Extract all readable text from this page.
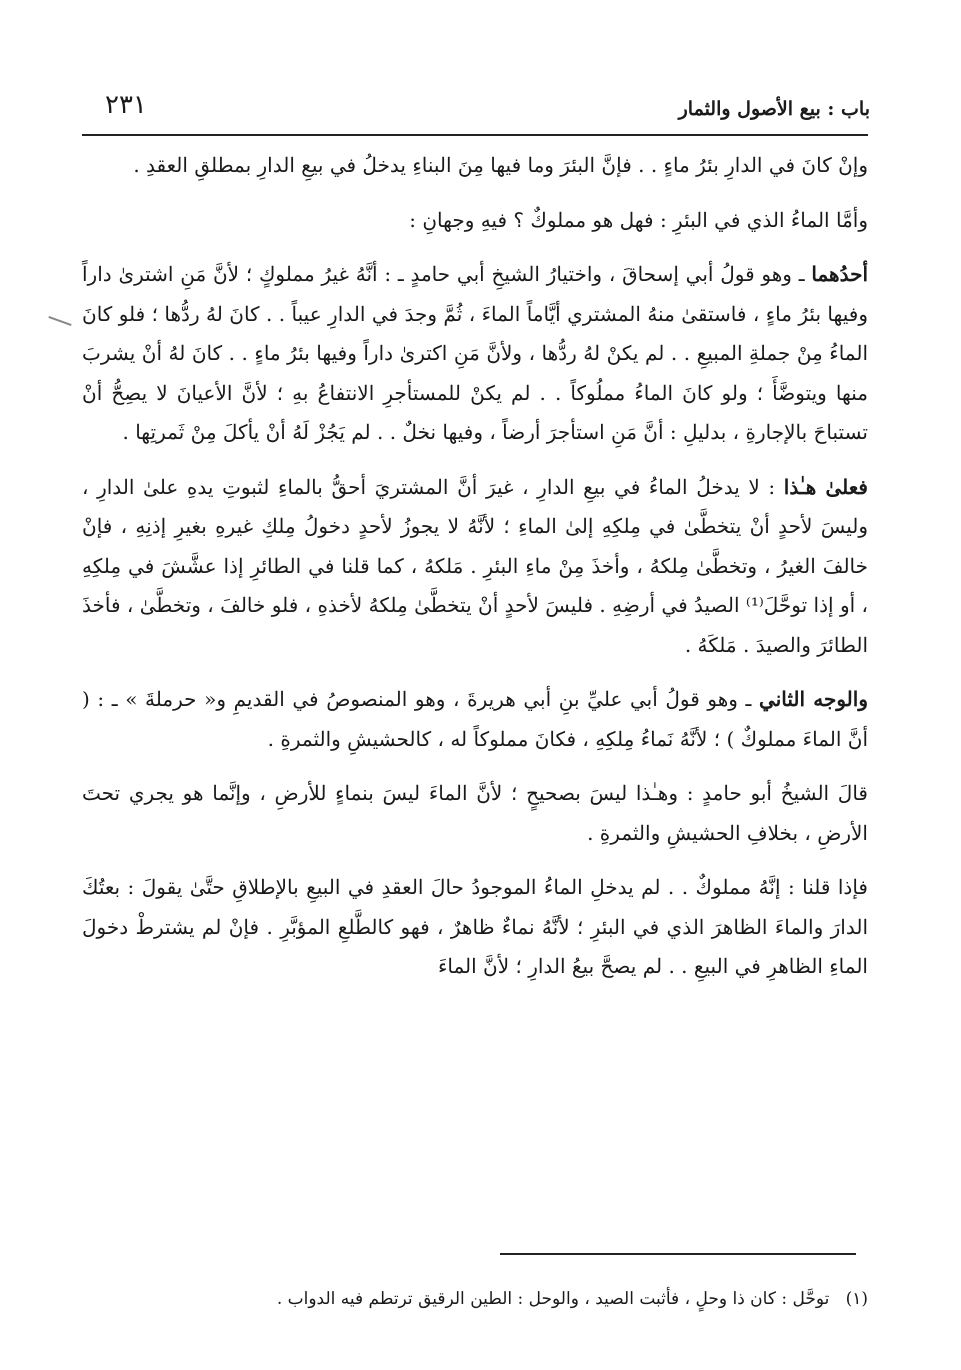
باب : بيع الأصول والثمار
٢٣١

وإنْ كانَ في الدارِ بئرُ ماءٍ . . فإنَّ البئرَ وما فيها مِنَ البناءِ يدخلُ في بيعِ الدارِ بمطلقِ العقدِ .

وأمَّا الماءُ الذي في البئرِ : فهل هو مملوكٌ ؟ فيهِ وجهانِ :

أحدُهما ـ وهو قولُ أبي إسحاقَ ، واختيارُ الشيخِ أبي حامدٍ ـ : أنَّهُ غيرُ مملوكٍ ؛ لأنَّ مَنِ اشترىٰ داراً وفيها بئرُ ماءٍ ، فاستقىٰ منهُ المشتري أيَّاماً الماءَ ، ثُمَّ وجدَ في الدارِ عيباً . . كانَ لهُ ردُّها ؛ فلو كانَ الماءُ مِنْ جملةِ المبيعِ . . لم يكنْ لهُ ردُّها ، ولأنَّ مَنِ اكترىٰ داراً وفيها بئرُ ماءٍ . . كانَ لهُ أنْ يشربَ منها ويتوضَّأَ ؛ ولو كانَ الماءُ مملُوكاً . . لم يكنْ للمستأجرِ الانتفاعُ بهِ ؛ لأنَّ الأعيانَ لا يصِحُّ أنْ تستباحَ بالإجارةِ ، بدليلِ : أنَّ مَنِ استأجرَ أرضاً ، وفيها نخلٌ . . لم يَجُزْ لَهُ أنْ يأكلَ مِنْ ثَمرتِها .

فعلىٰ هـٰذا : لا يدخلُ الماءُ في بيعِ الدارِ ، غيرَ أنَّ المشتريَ أحقُّ بالماءِ لثبوتِ يدهِ علىٰ الدارِ ، وليسَ لأحدٍ أنْ يتخطَّىٰ في مِلكِهِ إلىٰ الماءِ ؛ لأنَّهُ لا يجوزُ لأحدٍ دخولُ مِلكِ غيرهِ بغيرِ إذنِهِ ، فإنْ خالفَ الغيرُ ، وتخطَّىٰ مِلكهُ ، وأخذَ مِنْ ماءِ البئرِ . مَلكهُ ، كما قلنا في الطائرِ إذا عشَّشَ في مِلكِهِ ، أو إذا توحَّلَ⁽¹⁾ الصيدُ في أرضِهِ . فليسَ لأحدٍ أنْ يتخطَّىٰ مِلكهُ لأخذهِ ، فلو خالفَ ، وتخطَّىٰ ، فأخذَ الطائرَ والصيدَ . مَلكَهُ .

والوجه الثاني ـ وهو قولُ أبي عليِّ بنِ أبي هريرةَ ، وهو المنصوصُ في القديمِ و« حرملةَ » ـ : ( أنَّ الماءَ مملوكٌ ) ؛ لأنَّهُ نَماءُ مِلكِهِ ، فكانَ مملوكاً له ، كالحشيشِ والثمرةِ .

قالَ الشيخُ أبو حامدٍ : وهـٰذا ليسَ بصحيحٍ ؛ لأنَّ الماءَ ليسَ بنماءٍ للأرضِ ، وإنَّما هو يجري تحتَ الأرضِ ، بخلافِ الحشيشِ والثمرةِ .

فإذا قلنا : إنَّهُ مملوكٌ . . لم يدخلِ الماءُ الموجودُ حالَ العقدِ في البيعِ بالإطلاقِ حتَّىٰ يقولَ : بعتُكَ الدارَ والماءَ الظاهرَ الذي في البئرِ ؛ لأنَّهُ نماءٌ ظاهرٌ ، فهو كالطَّلعِ المؤبَّرِ . فإنْ لم يشترطْ دخولَ الماءِ الظاهرِ في البيعِ . . لم يصحَّ بيعُ الدارِ ؛ لأنَّ الماءَ

(١)   توحَّل : كان ذا وحلٍ ، فأثبت الصيد ، والوحل : الطين الرقيق ترتطم فيه الدواب .
